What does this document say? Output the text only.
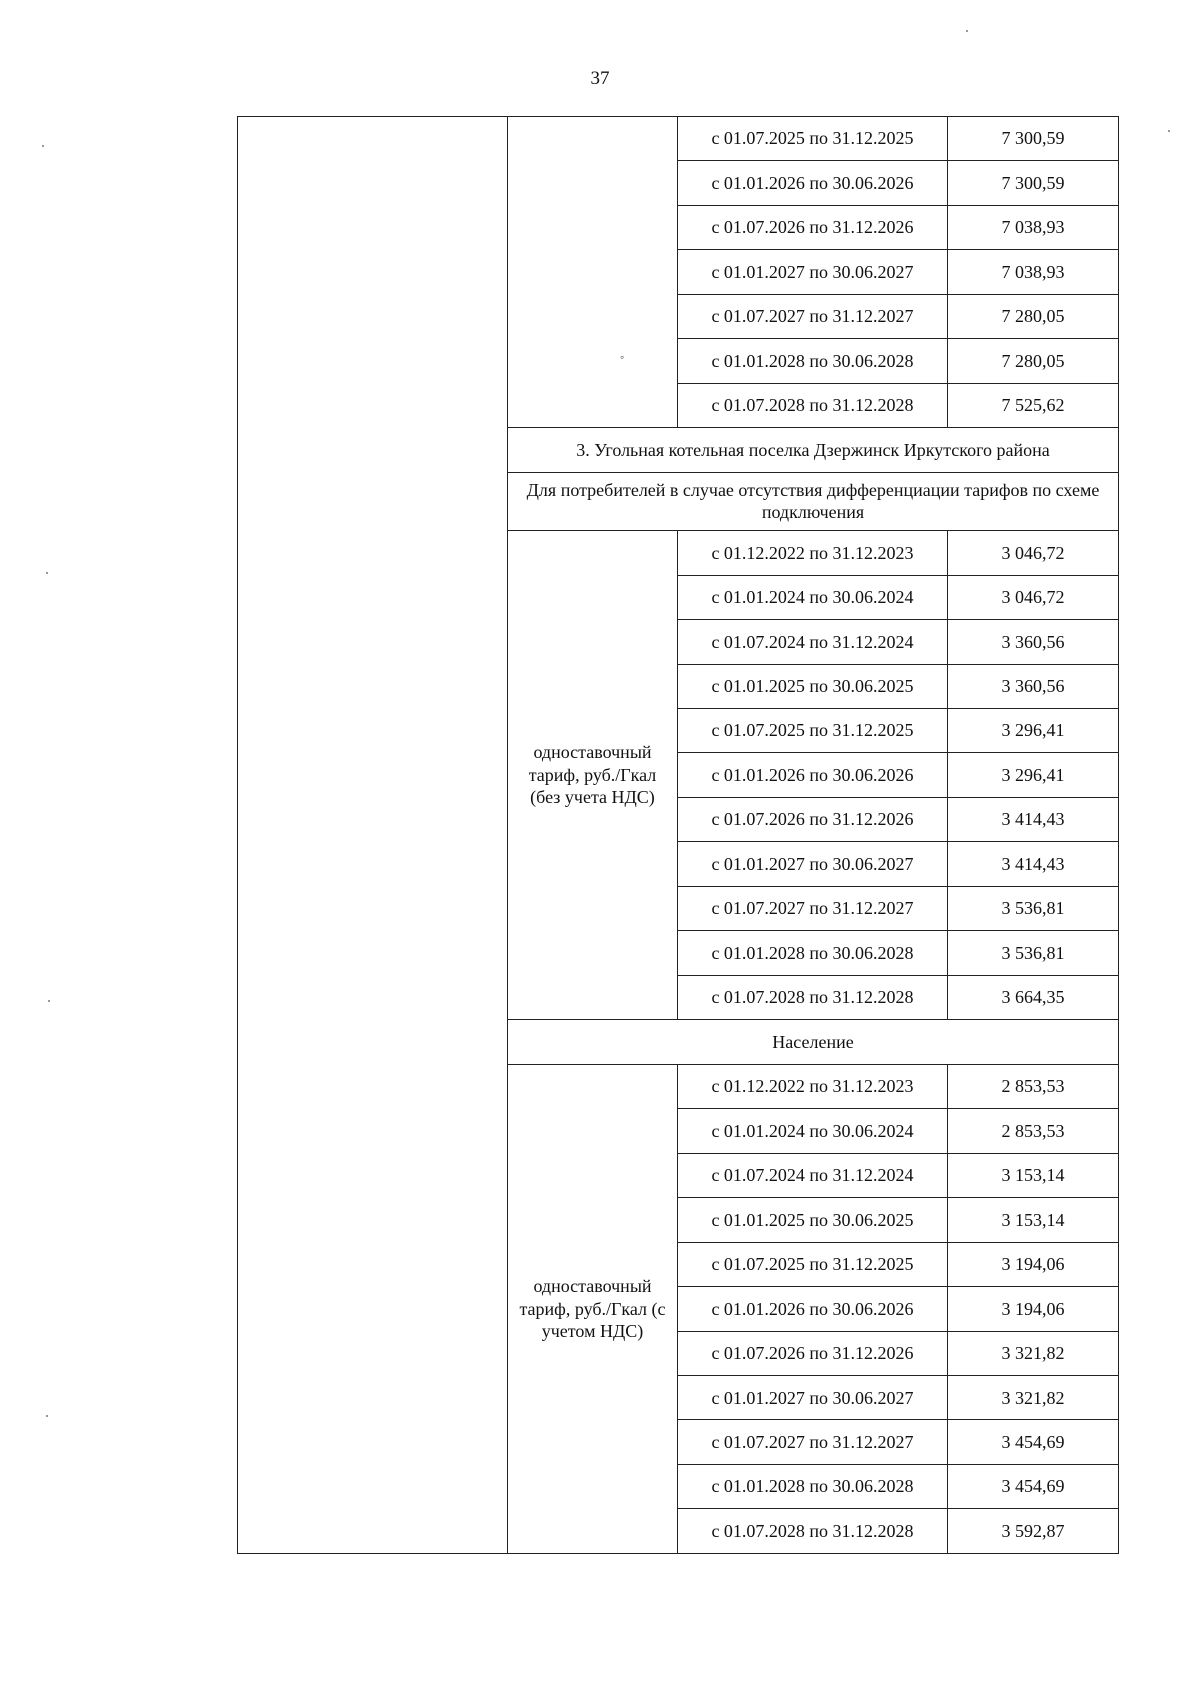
37
		с 01.07.2025 по 31.12.2025	7 300,59
		с 01.01.2026 по 30.06.2026	7 300,59
		с 01.07.2026 по 31.12.2026	7 038,93
		с 01.01.2027 по 30.06.2027	7 038,93
		с 01.07.2027 по 31.12.2027	7 280,05
		с 01.01.2028 по 30.06.2028	7 280,05
		с 01.07.2028 по 31.12.2028	7 525,62
	3. Угольная котельная поселка Дзержинск Иркутского района		
	Для потребителей в случае отсутствия дифференциации тарифов по схеме подключения		
	одноставочный тариф, руб./Гкал (без учета НДС)	с 01.12.2022 по 31.12.2023	3 046,72
		с 01.01.2024 по 30.06.2024	3 046,72
		с 01.07.2024 по 31.12.2024	3 360,56
		с 01.01.2025 по 30.06.2025	3 360,56
		с 01.07.2025 по 31.12.2025	3 296,41
		с 01.01.2026 по 30.06.2026	3 296,41
		с 01.07.2026 по 31.12.2026	3 414,43
		с 01.01.2027 по 30.06.2027	3 414,43
		с 01.07.2027 по 31.12.2027	3 536,81
		с 01.01.2028 по 30.06.2028	3 536,81
		с 01.07.2028 по 31.12.2028	3 664,35
	Население		
	одноставочный тариф, руб./Гкал (с учетом НДС)	с 01.12.2022 по 31.12.2023	2 853,53
		с 01.01.2024 по 30.06.2024	2 853,53
		с 01.07.2024 по 31.12.2024	3 153,14
		с 01.01.2025 по 30.06.2025	3 153,14
		с 01.07.2025 по 31.12.2025	3 194,06
		с 01.01.2026 по 30.06.2026	3 194,06
		с 01.07.2026 по 31.12.2026	3 321,82
		с 01.01.2027 по 30.06.2027	3 321,82
		с 01.07.2027 по 31.12.2027	3 454,69
		с 01.01.2028 по 30.06.2028	3 454,69
		с 01.07.2028 по 31.12.2028	3 592,87
◦
